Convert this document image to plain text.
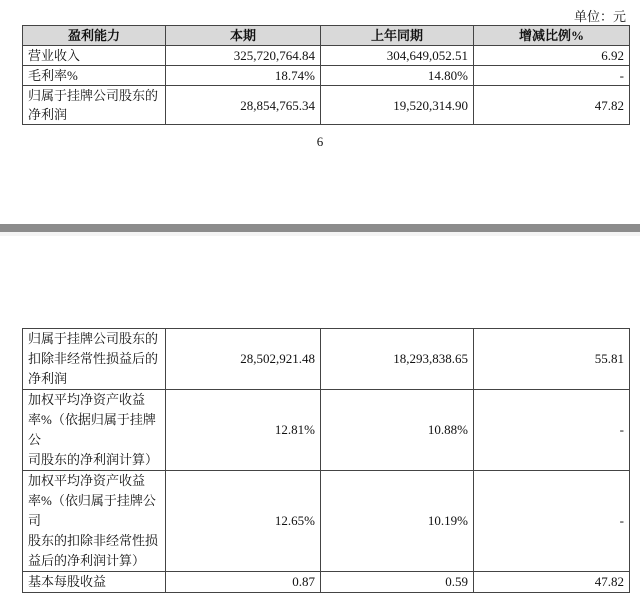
单位：元
盈利能力	本期	上年同期	增减比例%
营业收入	325,720,764.84	304,649,052.51	6.92
毛利率%	18.74%	14.80%	-

归属于挂牌公司股东的
净利润	28,854,765.34	19,520,314.90	47.82
6
归属于挂牌公司股东的
扣除非经常性损益后的
净利润	28,502,921.48	18,293,838.65	55.81

加权平均净资产收益
率%（依据归属于挂牌公
司股东的净利润计算）	12.81%	10.88%	-

加权平均净资产收益
率%（依归属于挂牌公司
股东的扣除非经常性损
益后的净利润计算）	12.65%	10.19%	-
基本每股收益	0.87	0.59	47.82
